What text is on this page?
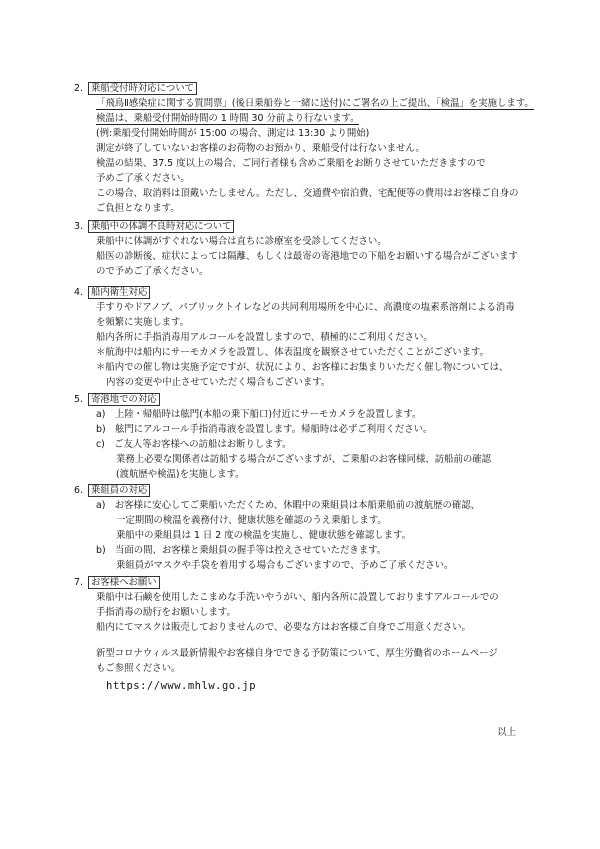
2. 乗船受付時対応について
「飛鳥Ⅱ感染症に関する質問票」(後日乗船券と一緒に送付)にご署名の上ご提出、「検温」を実施します。
検温は、乗船受付開始時間の 1 時間 30 分前より行ないます。
(例:乗船受付開始時間が 15:00 の場合、測定は 13:30 より開始)
測定が終了していないお客様のお荷物のお預かり、乗船受付は行ないません。
検温の結果、37.5 度以上の場合、ご同行者様も含めご乗船をお断りさせていただきますので
予めご了承ください。
この場合、取消料は頂戴いたしません。ただし、交通費や宿泊費、宅配便等の費用はお客様ご自身の
ご負担となります。
3. 乗船中の体調不良時対応について
乗船中に体調がすぐれない場合は直ちに診療室を受診してください。
船医の診断後、症状によっては隔離、もしくは最寄の寄港地での下船をお願いする場合がございます
ので予めご了承ください。
4. 船内衛生対応
手すりやドアノブ、パブリックトイレなどの共同利用場所を中心に、高濃度の塩素系溶剤による消毒
を頻繁に実施します。
船内各所に手指消毒用アルコールを設置しますので、積極的にご利用ください。
＊航海中は船内にサーモカメラを設置し、体表温度を観察させていただくことがございます。
＊船内での催し物は実施予定ですが、状況により、お客様にお集まりいただく催し物については、
内容の変更や中止させていただく場合もございます。
5. 寄港地での対応
a)　上陸・帰船時は舷門(本船の乗下船口)付近にサーモカメラを設置します。
b)　舷門にアルコール手指消毒液を設置します。帰船時は必ずご利用ください。
c)　ご友人等お客様への訪船はお断りします。
業務上必要な関係者は訪船する場合がございますが、ご乗船のお客様同様、訪船前の確認
(渡航歴や検温)を実施します。
6. 乗組員の対応
a)　お客様に安心してご乗船いただくため、休暇中の乗組員は本船乗船前の渡航歴の確認、
一定期間の検温を義務付け、健康状態を確認のうえ乗船します。
乗船中の乗組員は 1 日 2 度の検温を実施し、健康状態を確認します。
b)　当面の間、お客様と乗組員の握手等は控えさせていただきます。
乗組員がマスクや手袋を着用する場合もございますので、予めご了承ください。
7. お客様へお願い
乗船中は石鹸を使用したこまめな手洗いやうがい、船内各所に設置しておりますアルコールでの
手指消毒の励行をお願いします。
船内にてマスクは販売しておりませんので、必要な方はお客様ご自身でご用意ください。
新型コロナウィルス最新情報やお客様自身でできる予防策について、厚生労働省のホームページ
もご参照ください。
https://www.mhlw.go.jp
以上
